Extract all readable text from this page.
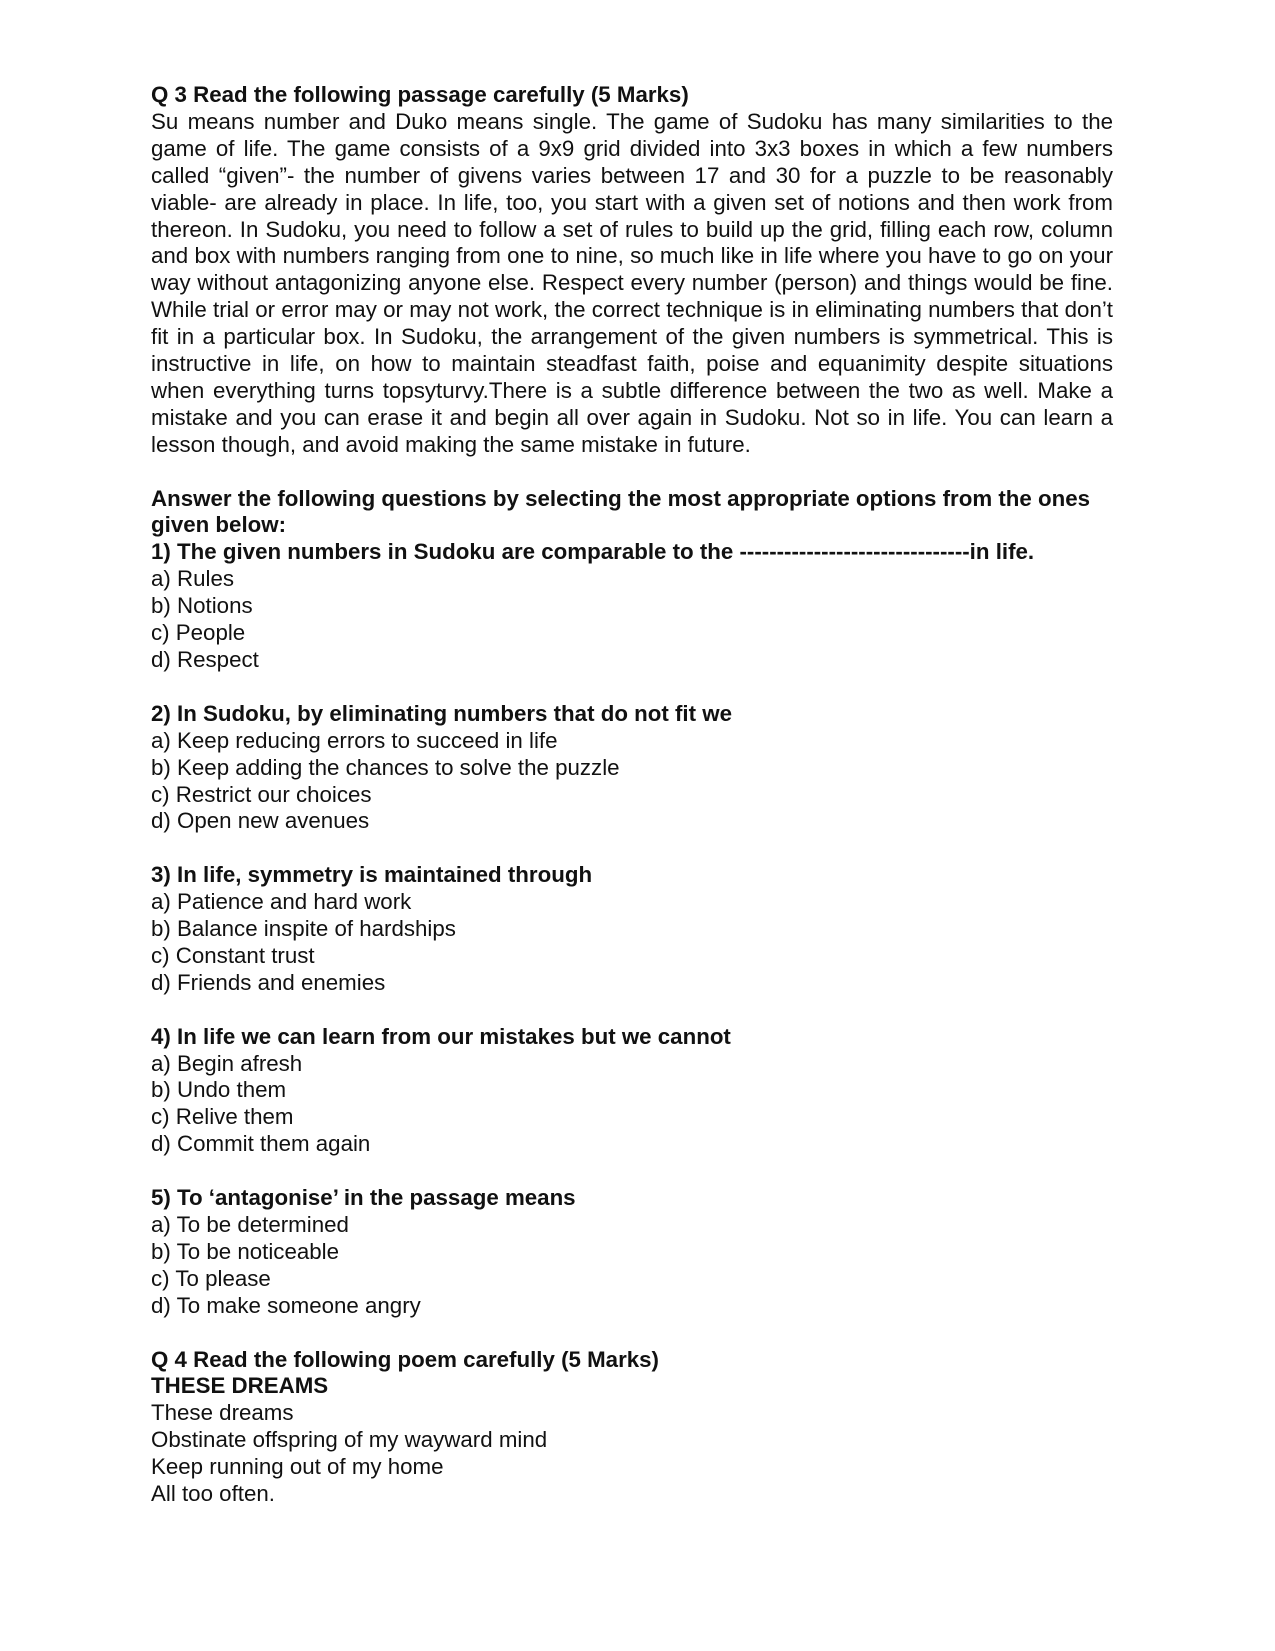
Q 3 Read the following passage carefully (5 Marks)

Su means number and Duko means single. The game of Sudoku has many similarities to the game of life. The game consists of a 9x9 grid divided into 3x3 boxes in which a few numbers called “given”- the number of givens varies between 17 and 30 for a puzzle to be reasonably viable- are already in place. In life, too, you start with a given set of notions and then work from thereon. In Sudoku, you need to follow a set of rules to build up the grid, filling each row, column and box with numbers ranging from one to nine, so much like in life where you have to go on your way without antagonizing anyone else. Respect every number (person) and things would be fine. While trial or error may or may not work, the correct technique is in eliminating numbers that don’t fit in a particular box. In Sudoku, the arrangement of the given numbers is symmetrical. This is instructive in life, on how to maintain steadfast faith, poise and equanimity despite situations when everything turns topsyturvy.There is a subtle difference between the two as well. Make a mistake and you can erase it and begin all over again in Sudoku. Not so in life. You can learn a lesson though, and avoid making the same mistake in future.

Answer the following questions by selecting the most appropriate options from the ones given below:
1) The given numbers in Sudoku are comparable to the -------------------------------in life.
a) Rules
b) Notions
c) People
d) Respect
2) In Sudoku, by eliminating numbers that do not fit we
a) Keep reducing errors to succeed in life
b) Keep adding the chances to solve the puzzle
c) Restrict our choices
d) Open new avenues
3) In life, symmetry is maintained through
a) Patience and hard work
b) Balance inspite of hardships
c) Constant trust
d) Friends and enemies
4) In life we can learn from our mistakes but we cannot
a) Begin afresh
b) Undo them
c) Relive them
d) Commit them again
5) To ‘antagonise’ in the passage means
a) To be determined
b) To be noticeable
c) To please
d) To make someone angry
Q 4 Read the following poem carefully (5 Marks)
THESE DREAMS
These dreams
Obstinate offspring of my wayward mind
Keep running out of my home
All too often.
